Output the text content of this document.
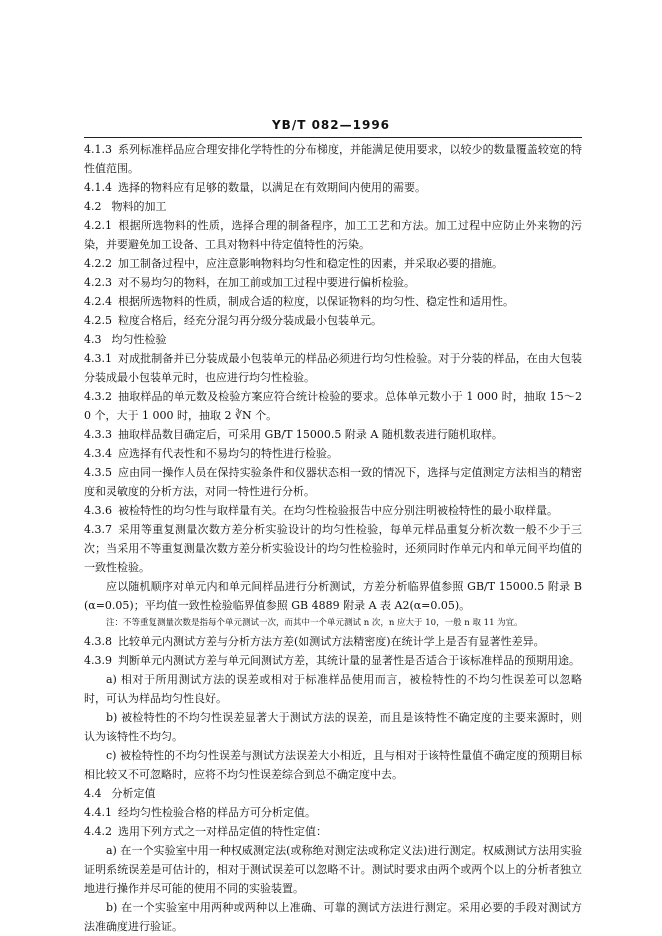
YB/T 082—1996

4.1.3 系列标准样品应合理安排化学特性的分布梯度，并能满足使用要求，以较少的数量覆盖较宽的特性值范围。

4.1.4 选择的物料应有足够的数量，以满足在有效期间内使用的需要。

4.2 物料的加工

4.2.1 根据所选物料的性质，选择合理的制备程序，加工工艺和方法。加工过程中应防止外来物的污染，并要避免加工设备、工具对物料中待定值特性的污染。

4.2.2 加工制备过程中，应注意影响物料均匀性和稳定性的因素，并采取必要的措施。

4.2.3 对不易均匀的物料，在加工前或加工过程中要进行偏析检验。

4.2.4 根据所选物料的性质，制成合适的粒度，以保证物料的均匀性、稳定性和适用性。

4.2.5 粒度合格后，经充分混匀再分级分装成最小包装单元。

4.3 均匀性检验

4.3.1 对成批制备并已分装成最小包装单元的样品必须进行均匀性检验。对于分装的样品，在由大包装分装成最小包装单元时，也应进行均匀性检验。

4.3.2 抽取样品的单元数及检验方案应符合统计检验的要求。总体单元数小于 1 000 时，抽取 15～20 个，大于 1 000 时，抽取 2 ∛N 个。

4.3.3 抽取样品数目确定后，可采用 GB/T 15000.5 附录 A 随机数表进行随机取样。

4.3.4 应选择有代表性和不易均匀的特性进行检验。

4.3.5 应由同一操作人员在保持实验条件和仪器状态相一致的情况下，选择与定值测定方法相当的精密度和灵敏度的分析方法，对同一特性进行分析。

4.3.6 被检特性的均匀性与取样量有关。在均匀性检验报告中应分别注明被检特性的最小取样量。

4.3.7 采用等重复测量次数方差分析实验设计的均匀性检验，每单元样品重复分析次数一般不少于三次；当采用不等重复测量次数方差分析实验设计的均匀性检验时，还须同时作单元内和单元间平均值的一致性检验。

应以随机顺序对单元内和单元间样品进行分析测试，方差分析临界值参照 GB/T 15000.5 附录 B (α=0.05)；平均值一致性检验临界值参照 GB 4889 附录 A 表 A2(α=0.05)。

注：不等重复测量次数是指每个单元测试一次，而其中一个单元测试 n 次，n 应大于 10，一般 n 取 11 为宜。

4.3.8 比较单元内测试方差与分析方法方差(如测试方法精密度)在统计学上是否有显著性差异。

4.3.9 判断单元内测试方差与单元间测试方差，其统计量的显著性是否适合于该标准样品的预期用途。

a) 相对于所用测试方法的误差或相对于标准样品使用而言，被检特性的不均匀性误差可以忽略时，可认为样品均匀性良好。

b) 被检特性的不均匀性误差显著大于测试方法的误差，而且是该特性不确定度的主要来源时，则认为该特性不均匀。

c) 被检特性的不均匀性误差与测试方法误差大小相近，且与相对于该特性量值不确定度的预期目标相比较又不可忽略时，应将不均匀性误差综合到总不确定度中去。

4.4 分析定值

4.4.1 经均匀性检验合格的样品方可分析定值。

4.4.2 选用下列方式之一对样品定值的特性定值：

a) 在一个实验室中用一种权威测定法(或称绝对测定法或称定义法)进行测定。权威测试方法用实验证明系统误差是可估计的，相对于测试误差可以忽略不计。测试时要求由两个或两个以上的分析者独立地进行操作并尽可能的使用不同的实验装置。

b) 在一个实验室中用两种或两种以上准确、可靠的测试方法进行测定。采用必要的手段对测试方法准确度进行验证。
